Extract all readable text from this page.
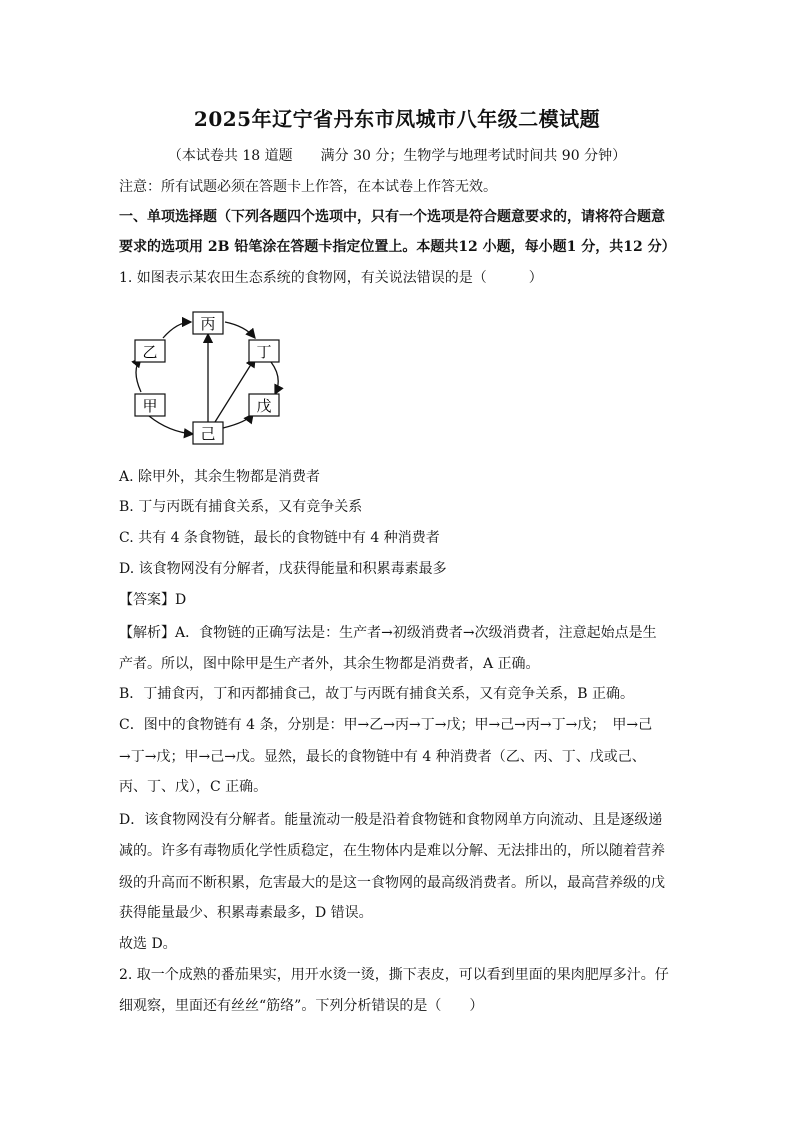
2025年辽宁省丹东市凤城市八年级二模试题
（本试卷共 18 道题　　满分 30 分；生物学与地理考试时间共 90 分钟）
注意：所有试题必须在答题卡上作答，在本试卷上作答无效。
一、单项选择题（下列各题四个选项中，只有一个选项是符合题意要求的，请将符合题意
要求的选项用 2B 铅笔涂在答题卡指定位置上。本题共12 小题，每小题1 分，共12 分）
1. 如图表示某农田生态系统的食物网，有关说法错误的是（　　　）
丙
乙	丁
甲	戊
己
A. 除甲外，其余生物都是消费者
B. 丁与丙既有捕食关系，又有竞争关系
C. 共有 4 条食物链，最长的食物链中有 4 种消费者
D. 该食物网没有分解者，戊获得能量和积累毒素最多
【答案】D
【解析】A．食物链的正确写法是：生产者→初级消费者→次级消费者，注意起始点是生
产者。所以，图中除甲是生产者外，其余生物都是消费者，A 正确。
B．丁捕食丙，丁和丙都捕食己，故丁与丙既有捕食关系，又有竞争关系，B 正确。
C．图中的食物链有 4 条，分别是：甲→乙→丙→丁→戊；甲→己→丙→丁→戊；　甲→己
→丁→戊；甲→己→戊。显然，最长的食物链中有 4 种消费者（乙、丙、丁、戊或己、
丙、丁、戊），C 正确。
D．该食物网没有分解者。能量流动一般是沿着食物链和食物网单方向流动、且是逐级递
减的。许多有毒物质化学性质稳定，在生物体内是难以分解、无法排出的，所以随着营养
级的升高而不断积累，危害最大的是这一食物网的最高级消费者。所以，最高营养级的戊
获得能量最少、积累毒素最多，D 错误。
故选 D。
2. 取一个成熟的番茄果实，用开水烫一烫，撕下表皮，可以看到里面的果肉肥厚多汁。仔
细观察，里面还有丝丝“筋络”。下列分析错误的是（　　）
